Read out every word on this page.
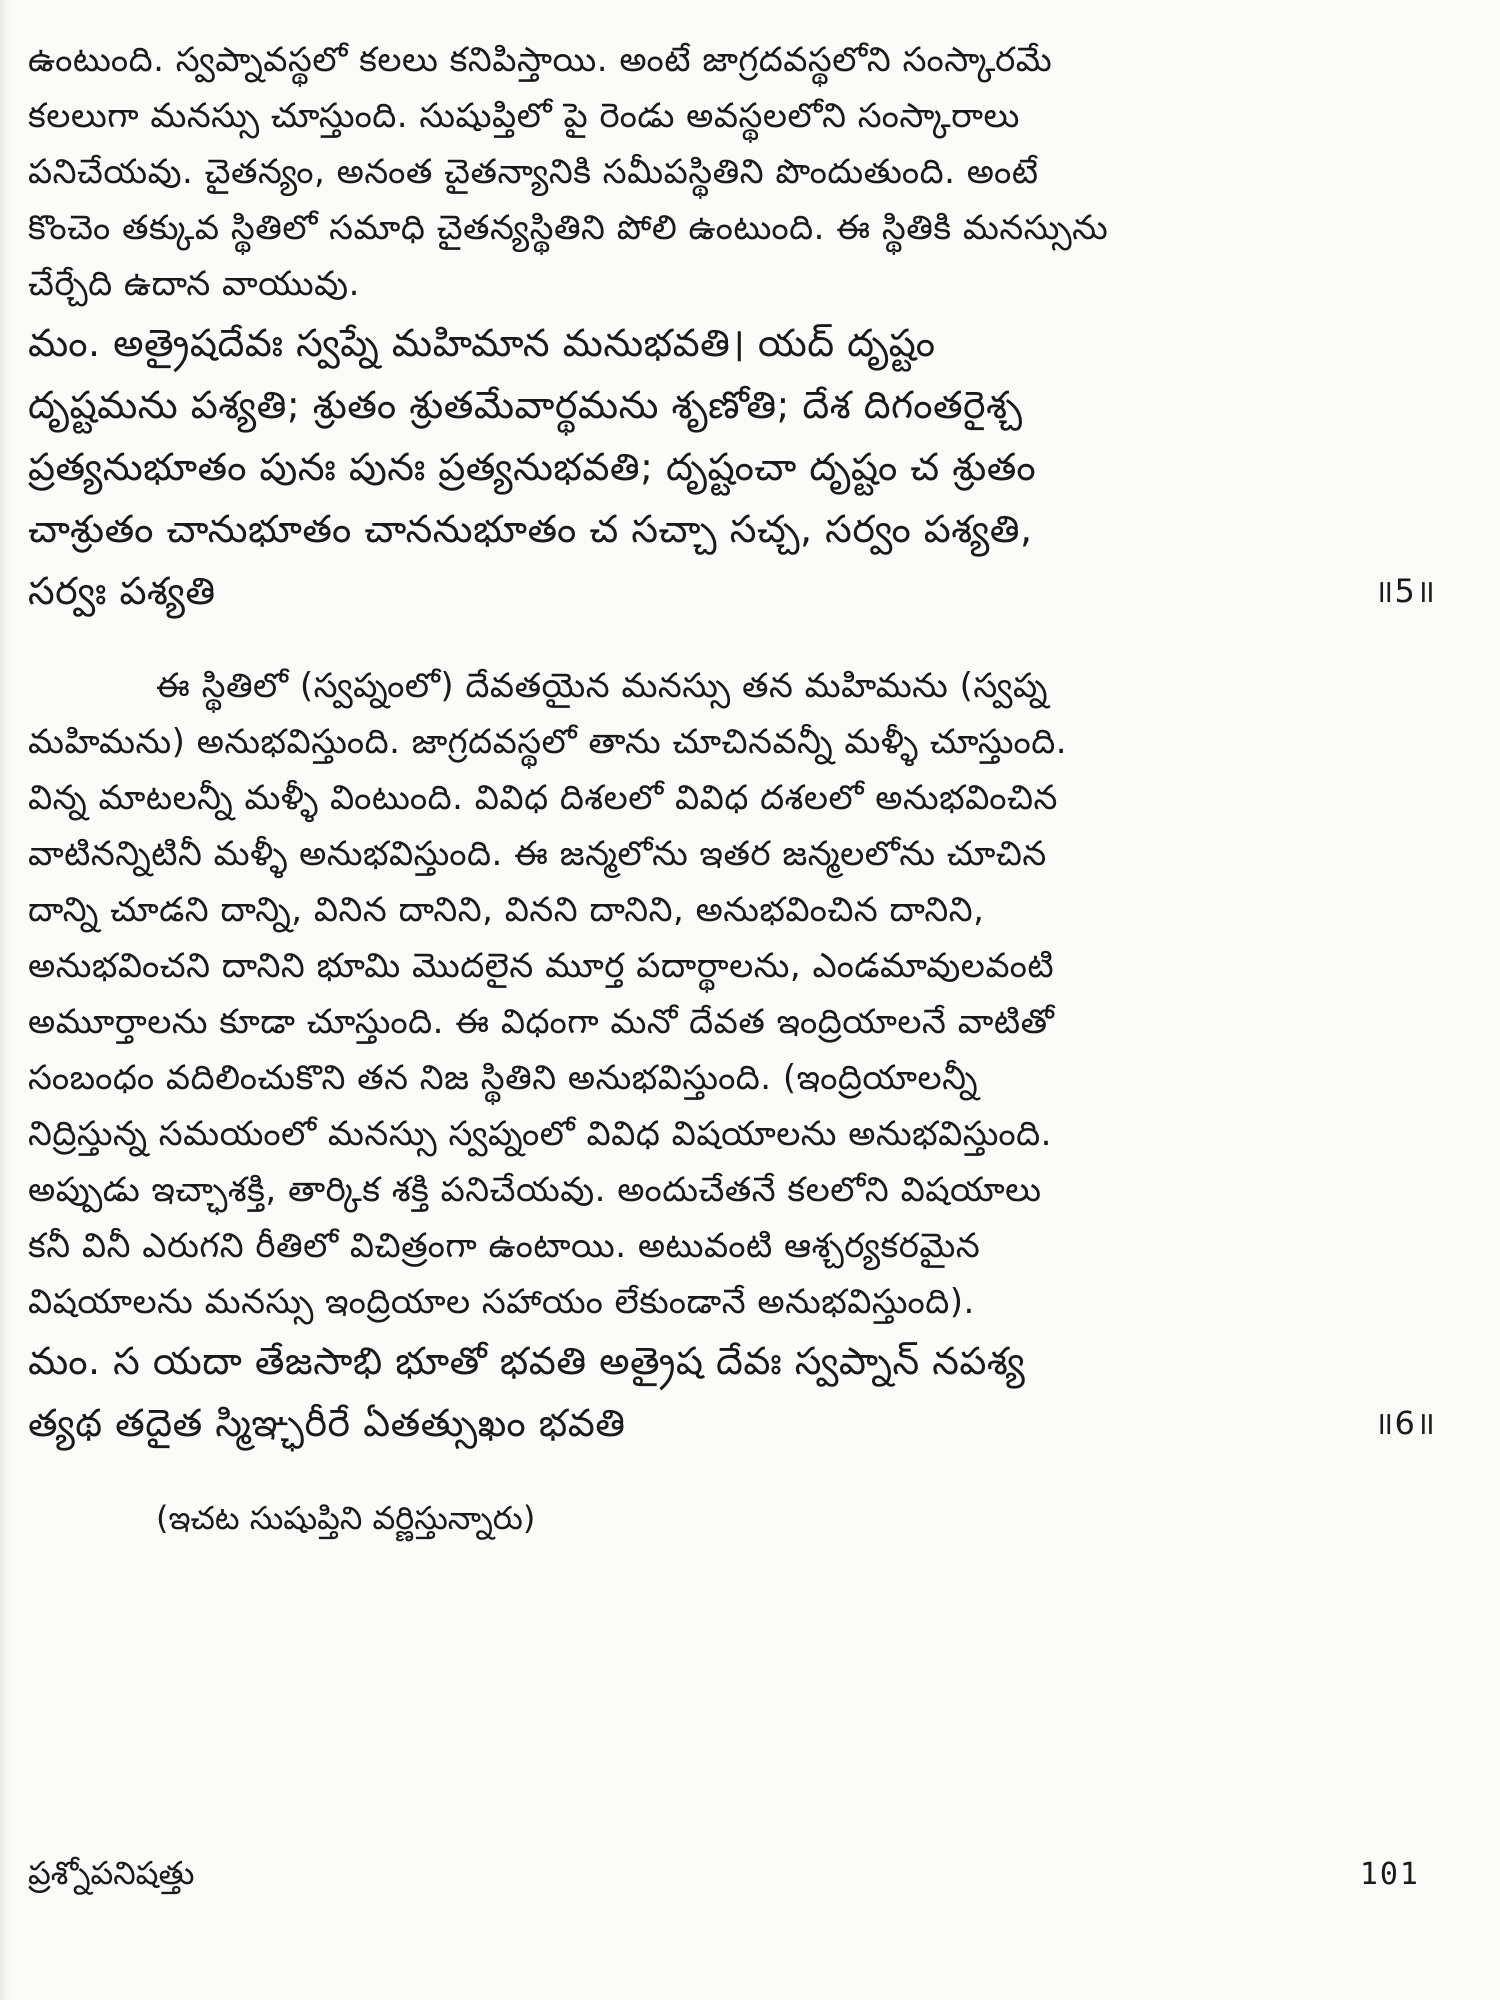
ఉంటుంది. స్వప్నావస్థలో కలలు కనిపిస్తాయి. అంటే జాగ్రదవస్థలోని సంస్కారమే
కలలుగా మనస్సు చూస్తుంది. సుషుప్తిలో పై రెండు అవస్థలలోని సంస్కారాలు
పనిచేయవు. చైతన్యం, అనంత చైతన్యానికి సమీపస్థితిని పొందుతుంది. అంటే
కొంచెం తక్కువ స్థితిలో సమాధి చైతన్యస్థితిని పోలి ఉంటుంది. ఈ స్థితికి మనస్సును
చేర్చేది ఉదాన వాయువు.
మం. అత్రైషదేవః స్వప్నే మహిమాన మనుభవతి। యద్ దృష్టం
దృష్టమను పశ్యతి; శ్రుతం శ్రుతమేవార్థమను శృణోతి; దేశ దిగంతరైశ్చ
ప్రత్యనుభూతం పునః పునః ప్రత్యనుభవతి; దృష్టంచా దృష్టం చ శ్రుతం
చాశ్రుతం చానుభూతం చాననుభూతం చ సచ్చా సచ్చ, సర్వం పశ్యతి,
సర్వః పశ్యతి	॥5॥
ఈ స్థితిలో (స్వప్నంలో) దేవతయైన మనస్సు తన మహిమను (స్వప్న
మహిమను) అనుభవిస్తుంది. జాగ్రదవస్థలో తాను చూచినవన్నీ మళ్ళీ చూస్తుంది.
విన్న మాటలన్నీ మళ్ళీ వింటుంది. వివిధ దిశలలో వివిధ దశలలో అనుభవించిన
వాటినన్నిటినీ మళ్ళీ అనుభవిస్తుంది. ఈ జన్మలోను ఇతర జన్మలలోను చూచిన
దాన్ని చూడని దాన్ని, వినిన దానిని, వినని దానిని, అనుభవించిన దానిని,
అనుభవించని దానిని భూమి మొదలైన మూర్త పదార్థాలను, ఎండమావులవంటి
అమూర్తాలను కూడా చూస్తుంది. ఈ విధంగా మనో దేవత ఇంద్రియాలనే వాటితో
సంబంధం వదిలించుకొని తన నిజ స్థితిని అనుభవిస్తుంది. (ఇంద్రియాలన్నీ
నిద్రిస్తున్న సమయంలో మనస్సు స్వప్నంలో వివిధ విషయాలను అనుభవిస్తుంది.
అప్పుడు ఇచ్ఛాశక్తి, తార్కిక శక్తి పనిచేయవు. అందుచేతనే కలలోని విషయాలు
కనీ వినీ ఎరుగని రీతిలో విచిత్రంగా ఉంటాయి. అటువంటి ఆశ్చర్యకరమైన
విషయాలను మనస్సు ఇంద్రియాల సహాయం లేకుండానే అనుభవిస్తుంది).
మం. స యదా తేజసాభి భూతో భవతి అత్రైష దేవః స్వప్నాన్ నపశ్య
త్యథ తదైత స్మిఞ్ఛరీరే ఏతత్సుఖం భవతి	॥6॥
(ఇచట సుషుప్తిని వర్ణిస్తున్నారు)
ప్రశ్నోపనిషత్తు	101
